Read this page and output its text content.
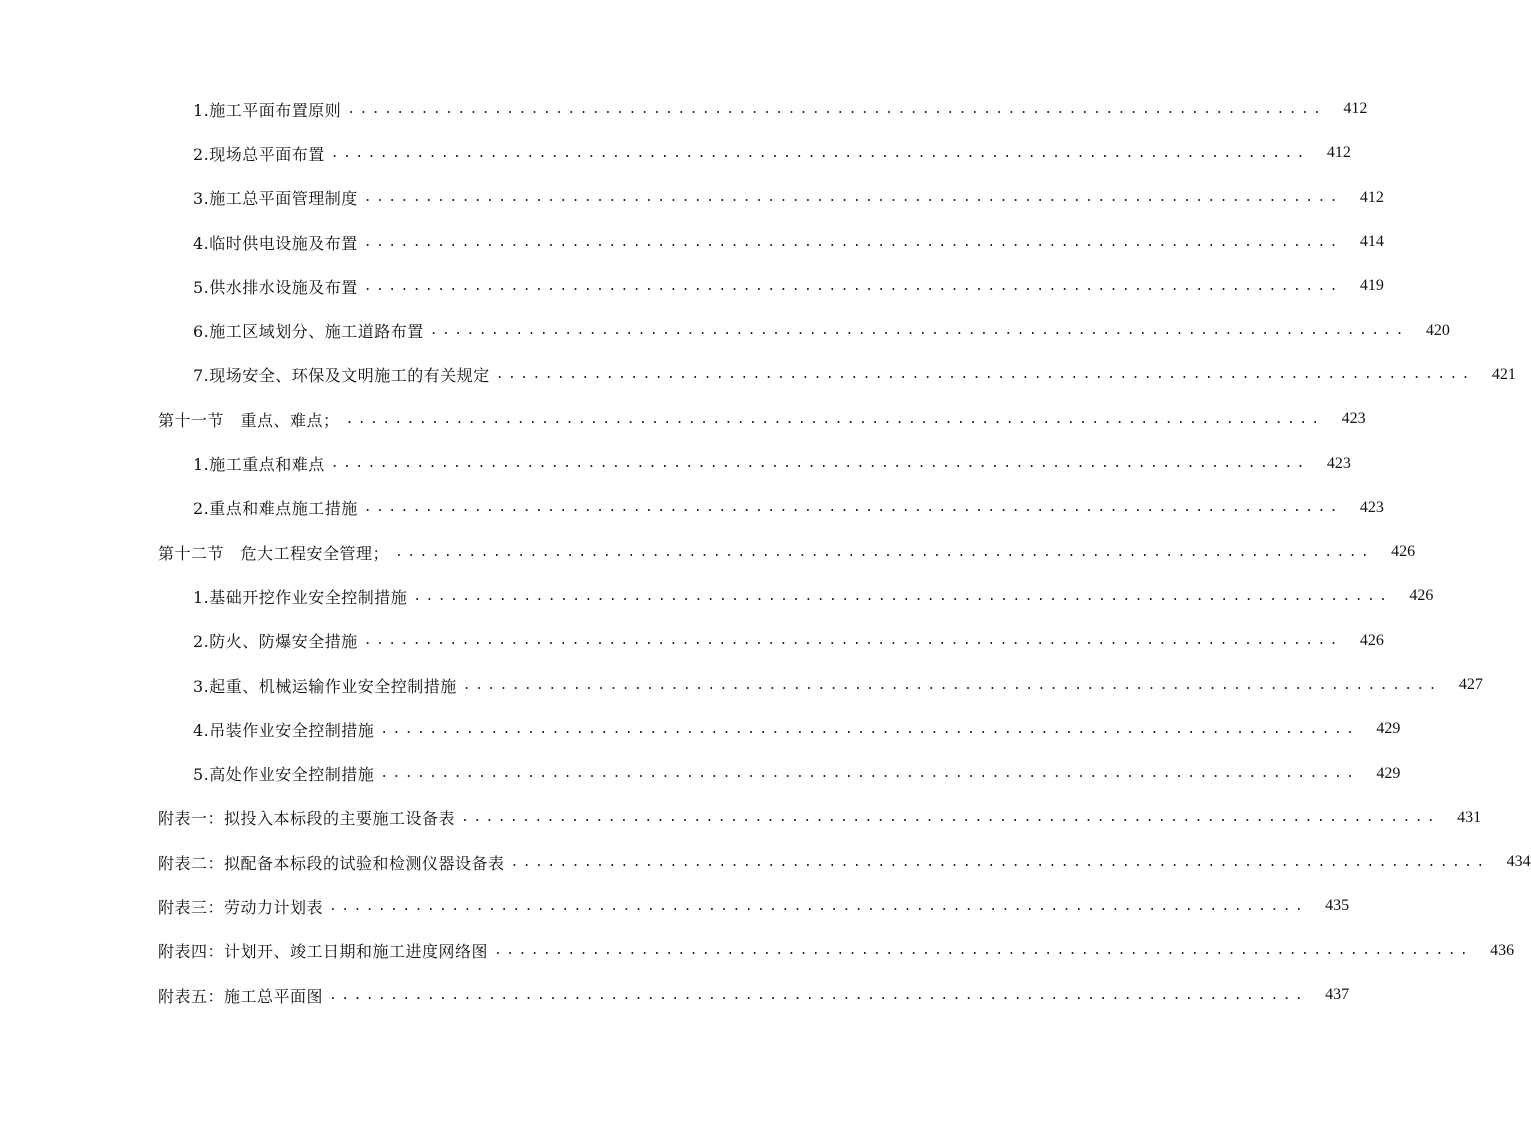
1.施工平面布置原则 ................................................................................	412
2.现场总平面布置 ................................................................................	412
3.施工总平面管理制度 ................................................................................	412
4.临时供电设施及布置 ................................................................................	414
5.供水排水设施及布置 ................................................................................	419
6.施工区域划分、施工道路布置 ................................................................................	420
7.现场安全、环保及文明施工的有关规定 ................................................................................	421
第十一节　重点、难点； ................................................................................	423
1.施工重点和难点 ................................................................................	423
2.重点和难点施工措施 ................................................................................	423
第十二节　危大工程安全管理； ................................................................................	426
1.基础开挖作业安全控制措施 ................................................................................	426
2.防火、防爆安全措施 ................................................................................	426
3.起重、机械运输作业安全控制措施 ................................................................................	427
4.吊装作业安全控制措施 ................................................................................	429
5.高处作业安全控制措施 ................................................................................	429
附表一：拟投入本标段的主要施工设备表 ................................................................................	431
附表二：拟配备本标段的试验和检测仪器设备表 ................................................................................	434
附表三：劳动力计划表 ................................................................................	435
附表四：计划开、竣工日期和施工进度网络图 ................................................................................	436
附表五：施工总平面图 ................................................................................	437
